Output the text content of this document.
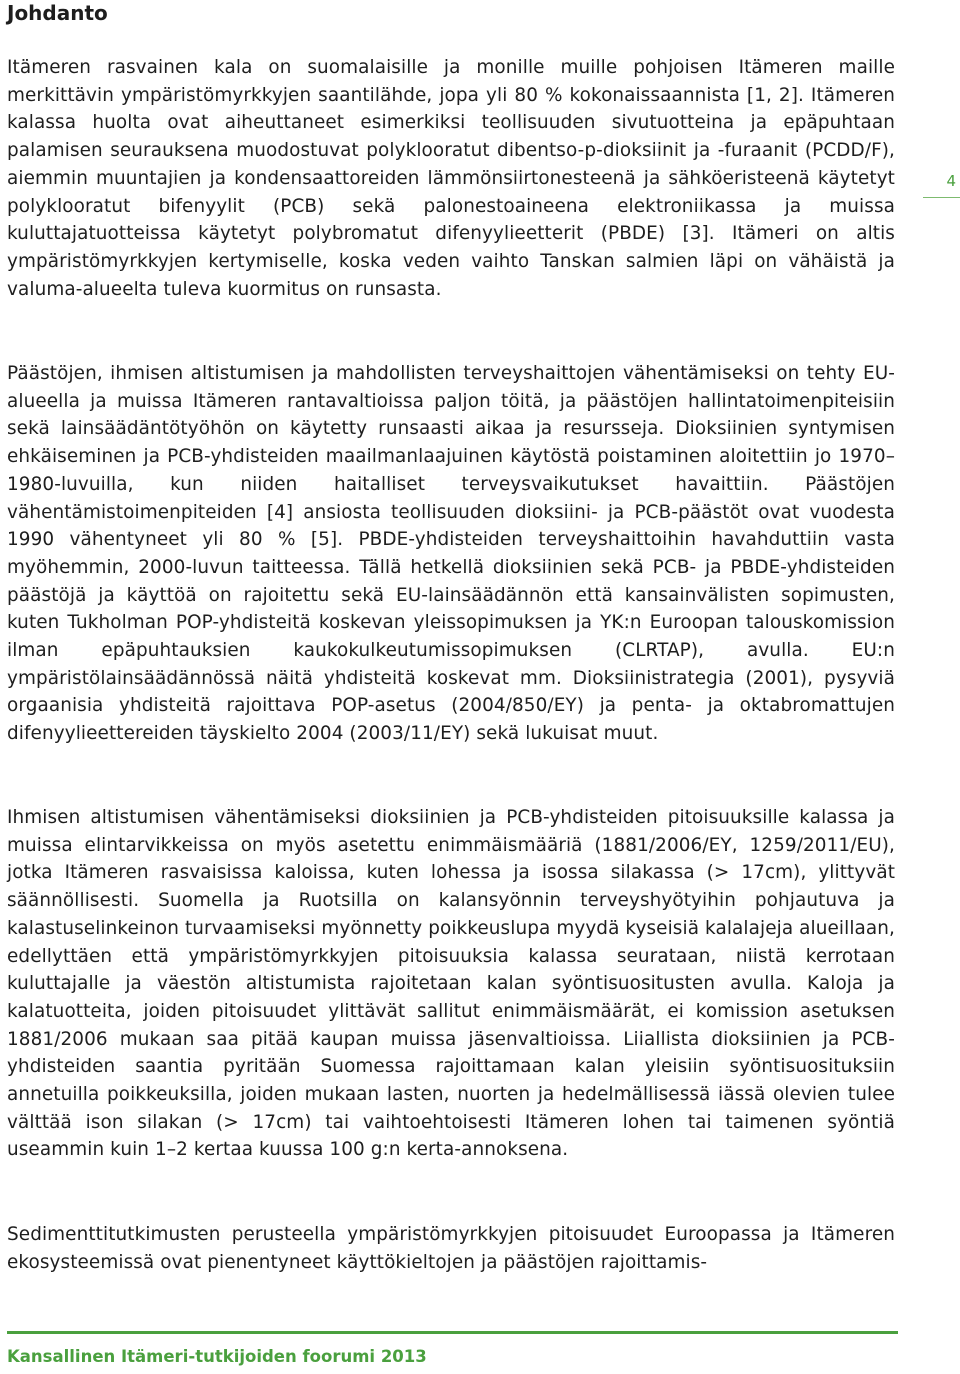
Johdanto

Itämeren rasvainen kala on suomalaisille ja monille muille pohjoisen Itämeren maille merkittävin ympäristömyrkkyjen saantilähde, jopa yli 80 % kokonaissaannista [1, 2]. Itämeren kalassa huolta ovat aiheuttaneet esimerkiksi teollisuuden sivutuotteina ja epäpuhtaan palamisen seurauksena muodostuvat polyklooratut dibentso-p-dioksiinit ja -furaanit (PCDD/F), aiemmin muuntajien ja kondensaattoreiden lämmönsiirtonesteenä ja sähköeristeenä käytetyt polyklooratut bifenyylit (PCB) sekä palonestoaineena elektroniikassa ja muissa kuluttajatuotteissa käytetyt polybromatut difenyylieetterit (PBDE) [3]. Itämeri on altis ympäristömyrkkyjen kertymiselle, koska veden vaihto Tanskan salmien läpi on vähäistä ja valuma-alueelta tuleva kuormitus on runsasta.

Päästöjen, ihmisen altistumisen ja mahdollisten terveyshaittojen vähentämiseksi on tehty EU-alueella ja muissa Itämeren rantavaltioissa paljon töitä, ja päästöjen hallintatoimenpiteisiin sekä lainsäädäntötyöhön on käytetty runsaasti aikaa ja resursseja. Dioksiinien syntymisen ehkäiseminen ja PCB-yhdisteiden maailmanlaajuinen käytöstä poistaminen aloitettiin jo 1970–1980-luvuilla, kun niiden haitalliset terveysvaikutukset havaittiin. Päästöjen vähentämistoimenpiteiden [4] ansiosta teollisuuden dioksiini- ja PCB-päästöt ovat vuodesta 1990 vähentyneet yli 80 % [5]. PBDE-yhdisteiden terveyshaittoihin havahduttiin vasta myöhemmin, 2000-luvun taitteessa. Tällä hetkellä dioksiinien sekä PCB- ja PBDE-yhdisteiden päästöjä ja käyttöä on rajoitettu sekä EU-lainsäädännön että kansainvälisten sopimusten, kuten Tukholman POP-yhdisteitä koskevan yleissopimuksen ja YK:n Euroopan talouskomission ilman epäpuhtauksien kaukokulkeutumissopimuksen (CLRTAP), avulla. EU:n ympäristölainsäädännössä näitä yhdisteitä koskevat mm. Dioksiinistrategia (2001), pysyviä orgaanisia yhdisteitä rajoittava POP-asetus (2004/850/EY) ja penta- ja oktabromattujen difenyylieettereiden täyskielto 2004 (2003/11/EY) sekä lukuisat muut.

Ihmisen altistumisen vähentämiseksi dioksiinien ja PCB-yhdisteiden pitoisuuksille kalassa ja muissa elintarvikkeissa on myös asetettu enimmäismääriä (1881/2006/EY, 1259/2011/EU), jotka Itämeren rasvaisissa kaloissa, kuten lohessa ja isossa silakassa (> 17cm), ylittyvät säännöllisesti. Suomella ja Ruotsilla on kalansyönnin terveyshyötyihin pohjautuva ja kalastuselinkeinon turvaamiseksi myönnetty poikkeuslupa myydä kyseisiä kalalajeja alueillaan, edellyttäen että ympäristömyrkkyjen pitoisuuksia kalassa seurataan, niistä kerrotaan kuluttajalle ja väestön altistumista rajoitetaan kalan syöntisuositusten avulla. Kaloja ja kalatuotteita, joiden pitoisuudet ylittävät sallitut enimmäismäärät, ei komission asetuksen 1881/2006 mukaan saa pitää kaupan muissa jäsenvaltioissa. Liiallista dioksiinien ja PCB-yhdisteiden saantia pyritään Suomessa rajoittamaan kalan yleisiin syöntisuosituksiin annetuilla poikkeuksilla, joiden mukaan lasten, nuorten ja hedelmällisessä iässä olevien tulee välttää ison silakan (> 17cm) tai vaihtoehtoisesti Itämeren lohen tai taimenen syöntiä useammin kuin 1–2 kertaa kuussa 100 g:n kerta-annoksena.

Sedimenttitutkimusten perusteella ympäristömyrkkyjen pitoisuudet Euroopassa ja Itämeren ekosysteemissä ovat pienentyneet käyttökieltojen ja päästöjen rajoittamis-

4

Kansallinen Itämeri-tutkijoiden foorumi 2013
